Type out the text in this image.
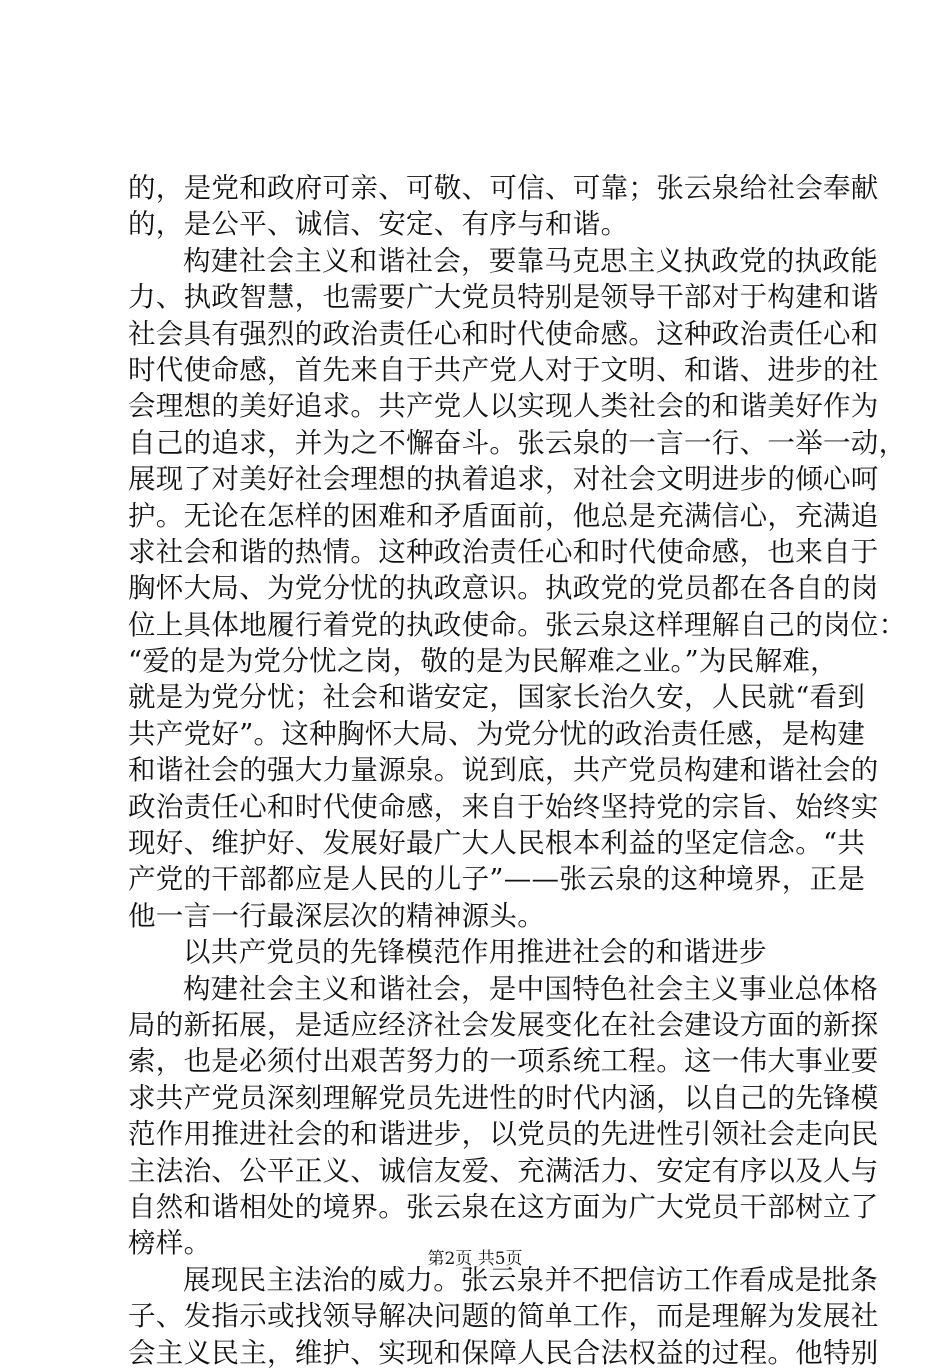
的，是党和政府可亲、可敬、可信、可靠；张云泉给社会奉献
的，是公平、诚信、安定、有序与和谐。
构建社会主义和谐社会，要靠马克思主义执政党的执政能
力、执政智慧，也需要广大党员特别是领导干部对于构建和谐
社会具有强烈的政治责任心和时代使命感。这种政治责任心和
时代使命感，首先来自于共产党人对于文明、和谐、进步的社
会理想的美好追求。共产党人以实现人类社会的和谐美好作为
自己的追求，并为之不懈奋斗。张云泉的一言一行、一举一动，
展现了对美好社会理想的执着追求，对社会文明进步的倾心呵
护。无论在怎样的困难和矛盾面前，他总是充满信心，充满追
求社会和谐的热情。这种政治责任心和时代使命感，也来自于
胸怀大局、为党分忧的执政意识。执政党的党员都在各自的岗
位上具体地履行着党的执政使命。张云泉这样理解自己的岗位：
“爱的是为党分忧之岗，敬的是为民解难之业。”为民解难，
就是为党分忧；社会和谐安定，国家长治久安，人民就“看到
共产党好”。这种胸怀大局、为党分忧的政治责任感，是构建
和谐社会的强大力量源泉。说到底，共产党员构建和谐社会的
政治责任心和时代使命感，来自于始终坚持党的宗旨、始终实
现好、维护好、发展好最广大人民根本利益的坚定信念。“共
产党的干部都应是人民的儿子”——张云泉的这种境界，正是
他一言一行最深层次的精神源头。
以共产党员的先锋模范作用推进社会的和谐进步
构建社会主义和谐社会，是中国特色社会主义事业总体格
局的新拓展，是适应经济社会发展变化在社会建设方面的新探
索，也是必须付出艰苦努力的一项系统工程。这一伟大事业要
求共产党员深刻理解党员先进性的时代内涵，以自己的先锋模
范作用推进社会的和谐进步，以党员的先进性引领社会走向民
主法治、公平正义、诚信友爱、充满活力、安定有序以及人与
自然和谐相处的境界。张云泉在这方面为广大党员干部树立了
榜样。
展现民主法治的威力。张云泉并不把信访工作看成是批条
子、发指示或找领导解决问题的简单工作，而是理解为发展社
会主义民主，维护、实现和保障人民合法权益的过程。他特别
第2页 共5页
